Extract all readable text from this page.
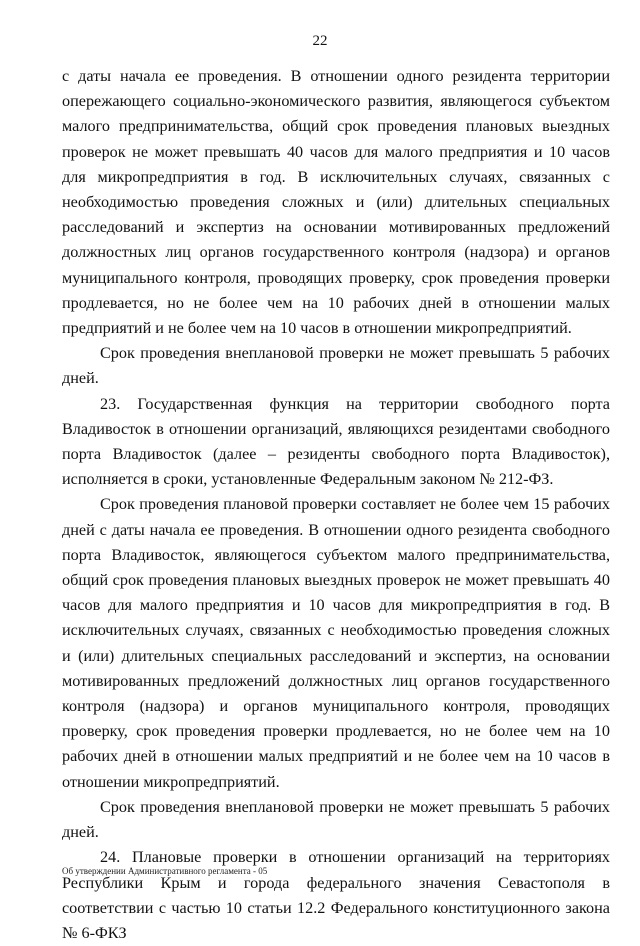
22

с даты начала ее проведения. В отношении одного резидента территории опережающего социально-экономического развития, являющегося субъектом малого предпринимательства, общий срок проведения плановых выездных проверок не может превышать 40 часов для малого предприятия и 10 часов для микропредприятия в год. В исключительных случаях, связанных с необходимостью проведения сложных и (или) длительных специальных расследований и экспертиз на основании мотивированных предложений должностных лиц органов государственного контроля (надзора) и органов муниципального контроля, проводящих проверку, срок проведения проверки продлевается, но не более чем на 10 рабочих дней в отношении малых предприятий и не более чем на 10 часов в отношении микропредприятий.

Срок проведения внеплановой проверки не может превышать 5 рабочих дней.

23. Государственная функция на территории свободного порта Владивосток в отношении организаций, являющихся резидентами свободного порта Владивосток (далее – резиденты свободного порта Владивосток), исполняется в сроки, установленные Федеральным законом № 212-ФЗ.

Срок проведения плановой проверки составляет не более чем 15 рабочих дней с даты начала ее проведения. В отношении одного резидента свободного порта Владивосток, являющегося субъектом малого предпринимательства, общий срок проведения плановых выездных проверок не может превышать 40 часов для малого предприятия и 10 часов для микропредприятия в год. В исключительных случаях, связанных с необходимостью проведения сложных и (или) длительных специальных расследований и экспертиз, на основании мотивированных предложений должностных лиц органов государственного контроля (надзора) и органов муниципального контроля, проводящих проверку, срок проведения проверки продлевается, но не более чем на 10 рабочих дней в отношении малых предприятий и не более чем на 10 часов в отношении микропредприятий.

Срок проведения внеплановой проверки не может превышать 5 рабочих дней.

24. Плановые проверки в отношении организаций на территориях Республики Крым и города федерального значения Севастополя в соответствии с частью 10 статьи 12.2 Федерального конституционного закона № 6-ФКЗ

Об утверждении Административного регламента - 05
